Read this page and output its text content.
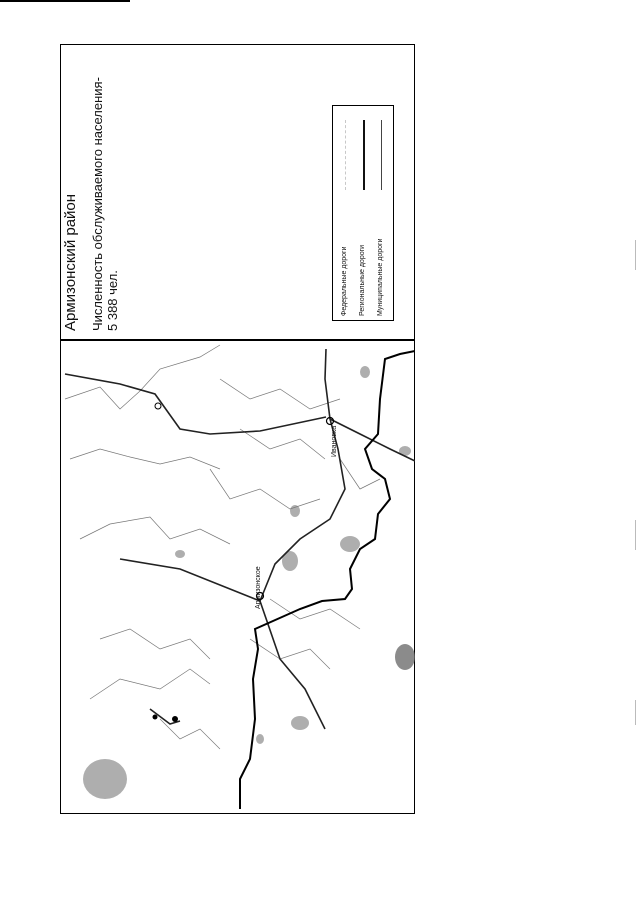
Армизонский район Численность обслуживаемого населения- 5 388 чел.	Федеральные дороги Региональные дороги Муниципальные дороги
Армизонское
Ивановка
